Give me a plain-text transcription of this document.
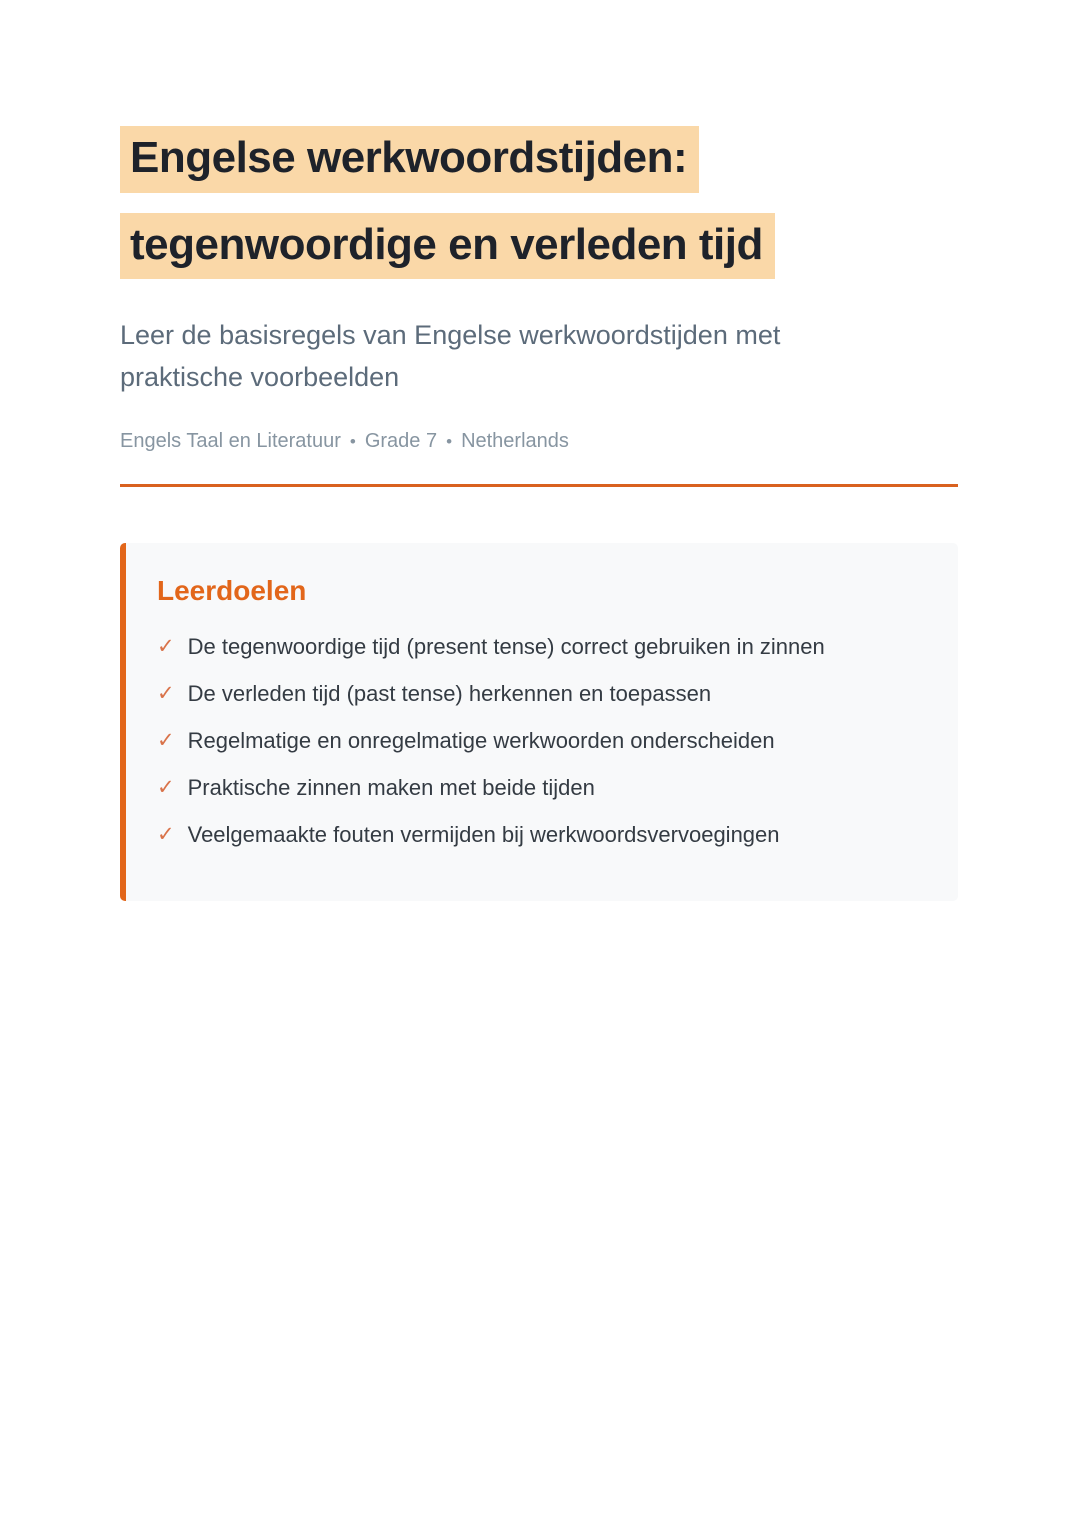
Engelse werkwoordstijden:
tegenwoordige en verleden tijd

Leer de basisregels van Engelse werkwoordstijden met praktische voorbeelden

Engels Taal en Literatuur • Grade 7 • Netherlands
Leerdoelen
✓ De tegenwoordige tijd (present tense) correct gebruiken in zinnen
✓ De verleden tijd (past tense) herkennen en toepassen
✓ Regelmatige en onregelmatige werkwoorden onderscheiden
✓ Praktische zinnen maken met beide tijden
✓ Veelgemaakte fouten vermijden bij werkwoordsvervoegingen
